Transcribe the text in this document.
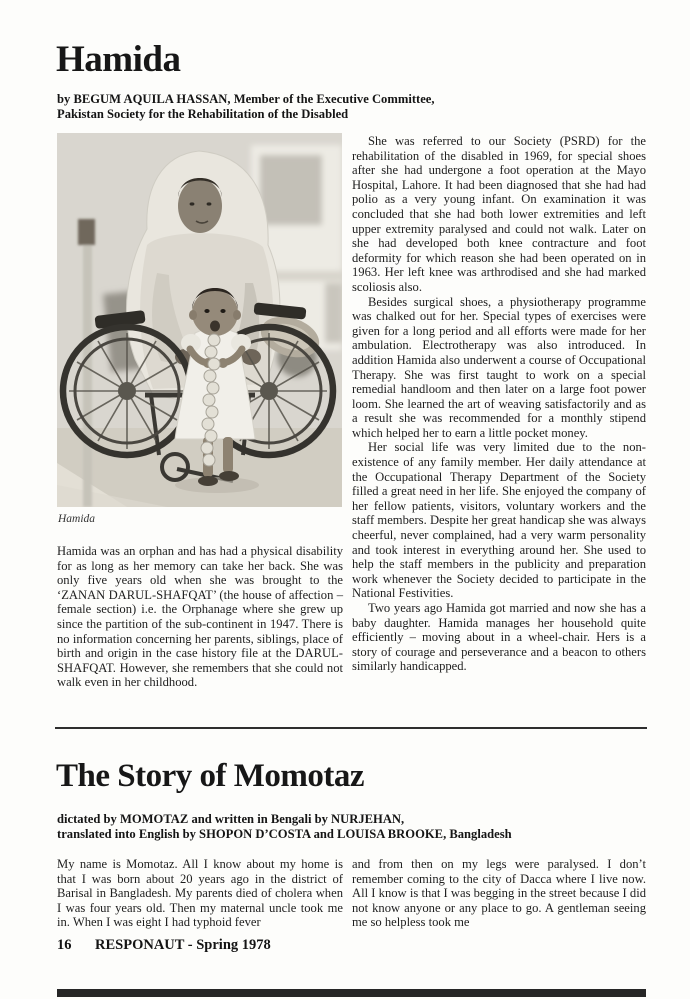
Hamida
by BEGUM AQUILA HASSAN, Member of the Executive Committee,
Pakistan Society for the Rehabilitation of the Disabled
Hamida

Hamida was an orphan and has had a physical disability for as long as her memory can take her back. She was only five years old when she was brought to the ‘ZANAN DARUL-SHAFQAT’ (the house of affection – female section) i.e. the Orphanage where she grew up since the partition of the sub-continent in 1947. There is no information concerning her parents, siblings, place of birth and origin in the case history file at the DARUL-SHAFQAT. However, she remembers that she could not walk even in her childhood.

She was referred to our Society (PSRD) for the rehabilitation of the disabled in 1969, for special shoes after she had undergone a foot operation at the Mayo Hospital, Lahore. It had been diagnosed that she had had polio as a very young infant. On examination it was concluded that she had both lower extremities and left upper extremity paralysed and could not walk. Later on she had developed both knee contracture and foot deformity for which reason she had been operated on in 1963. Her left knee was arthrodised and she had marked scoliosis also.

Besides surgical shoes, a physiotherapy programme was chalked out for her. Special types of exercises were given for a long period and all efforts were made for her ambulation. Electrotherapy was also introduced. In addition Hamida also underwent a course of Occupational Therapy. She was first taught to work on a special remedial handloom and then later on a large foot power loom. She learned the art of weaving satisfactorily and as a result she was recommended for a monthly stipend which helped her to earn a little pocket money.

Her social life was very limited due to the non-existence of any family member. Her daily attendance at the Occupational Therapy Department of the Society filled a great need in her life. She enjoyed the company of her fellow patients, visitors, voluntary workers and the staff members. Despite her great handicap she was always cheerful, never complained, had a very warm personality and took interest in everything around her. She used to help the staff members in the publicity and preparation work whenever the Society decided to participate in the National Festivities.

Two years ago Hamida got married and now she has a baby daughter. Hamida manages her household quite efficiently – moving about in a wheel-chair. Hers is a story of courage and perseverance and a beacon to others similarly handicapped.

The Story of Momotaz
dictated by MOMOTAZ and written in Bengali by NURJEHAN,
translated into English by SHOPON D’COSTA and LOUISA BROOKE, Bangladesh

My name is Momotaz. All I know about my home is that I was born about 20 years ago in the district of Barisal in Bangladesh. My parents died of cholera when I was four years old. Then my maternal uncle took me in. When I was eight I had typhoid fever

and from then on my legs were paralysed. I don’t remember coming to the city of Dacca where I live now. All I know is that I was begging in the street because I did not know anyone or any place to go. A gentleman seeing me so helpless took me

16 RESPONAUT - Spring 1978
